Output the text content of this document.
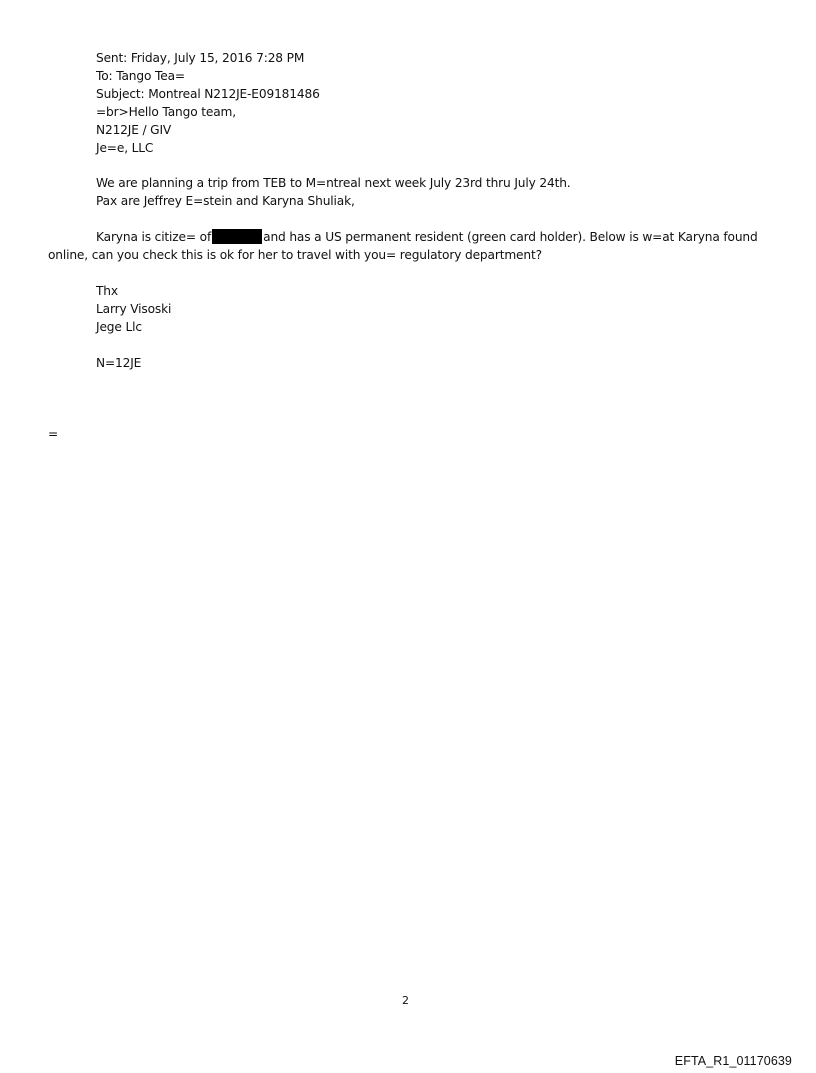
Sent: Friday, July 15, 2016 7:28 PM
To: Tango Tea=
Subject: Montreal N212JE-E09181486
=br>Hello Tango team,
N212JE / GIV
Je=e, LLC
We are planning a trip from TEB to M=ntreal next week July 23rd thru July 24th.
Pax are Jeffrey E=stein and Karyna Shuliak,
Karyna is citize= of	and has a US permanent resident (green card holder). Below is w=at Karyna found
online, can you check this is ok for her to travel with you= regulatory department?
Thx
Larry Visoski
Jege Llc
N=12JE
=
2
EFTA_R1_01170639
